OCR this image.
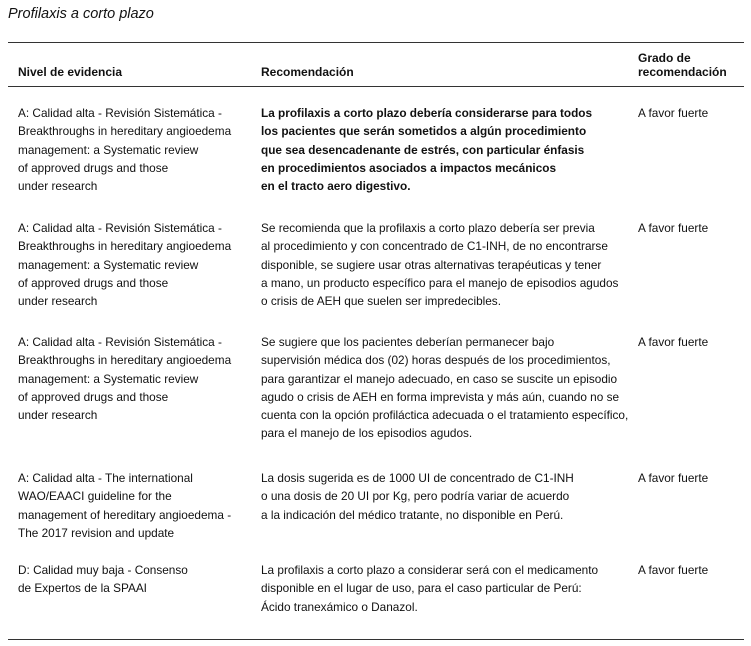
Profilaxis a corto plazo
Nivel de evidencia	Recomendación
Grado de
recomendación
A: Calidad alta - Revisión Sistemática -
Breakthroughs in hereditary angioedema
management: a Systematic review
of approved drugs and those
under research
La profilaxis a corto plazo debería considerarse para todos
los pacientes que serán sometidos a algún procedimiento
que sea desencadenante de estrés, con particular énfasis
en procedimientos asociados a impactos mecánicos
en el tracto aero digestivo.
A favor fuerte
A: Calidad alta - Revisión Sistemática -
Breakthroughs in hereditary angioedema
management: a Systematic review
of approved drugs and those
under research
Se recomienda que la profilaxis a corto plazo debería ser previa
al procedimiento y con concentrado de C1-INH, de no encontrarse
disponible, se sugiere usar otras alternativas terapéuticas y tener
a mano, un producto específico para el manejo de episodios agudos
o crisis de AEH que suelen ser impredecibles.
A favor fuerte
A: Calidad alta - Revisión Sistemática -
Breakthroughs in hereditary angioedema
management: a Systematic review
of approved drugs and those
under research
Se sugiere que los pacientes deberían permanecer bajo
supervisión médica dos (02) horas después de los procedimientos,
para garantizar el manejo adecuado, en caso se suscite un episodio
agudo o crisis de AEH en forma imprevista y más aún, cuando no se
cuenta con la opción profiláctica adecuada o el tratamiento específico,
para el manejo de los episodios agudos.
A favor fuerte
A: Calidad alta - The international
WAO/EAACI guideline for the
management of hereditary angioedema -
The 2017 revision and update
La dosis sugerida es de 1000 UI de concentrado de C1-INH
o una dosis de 20 UI por Kg, pero podría variar de acuerdo
a la indicación del médico tratante, no disponible en Perú.
A favor fuerte
D: Calidad muy baja - Consenso
de Expertos de la SPAAI
La profilaxis a corto plazo a considerar será con el medicamento
disponible en el lugar de uso, para el caso particular de Perú:
Ácido tranexámico o Danazol.
A favor fuerte
